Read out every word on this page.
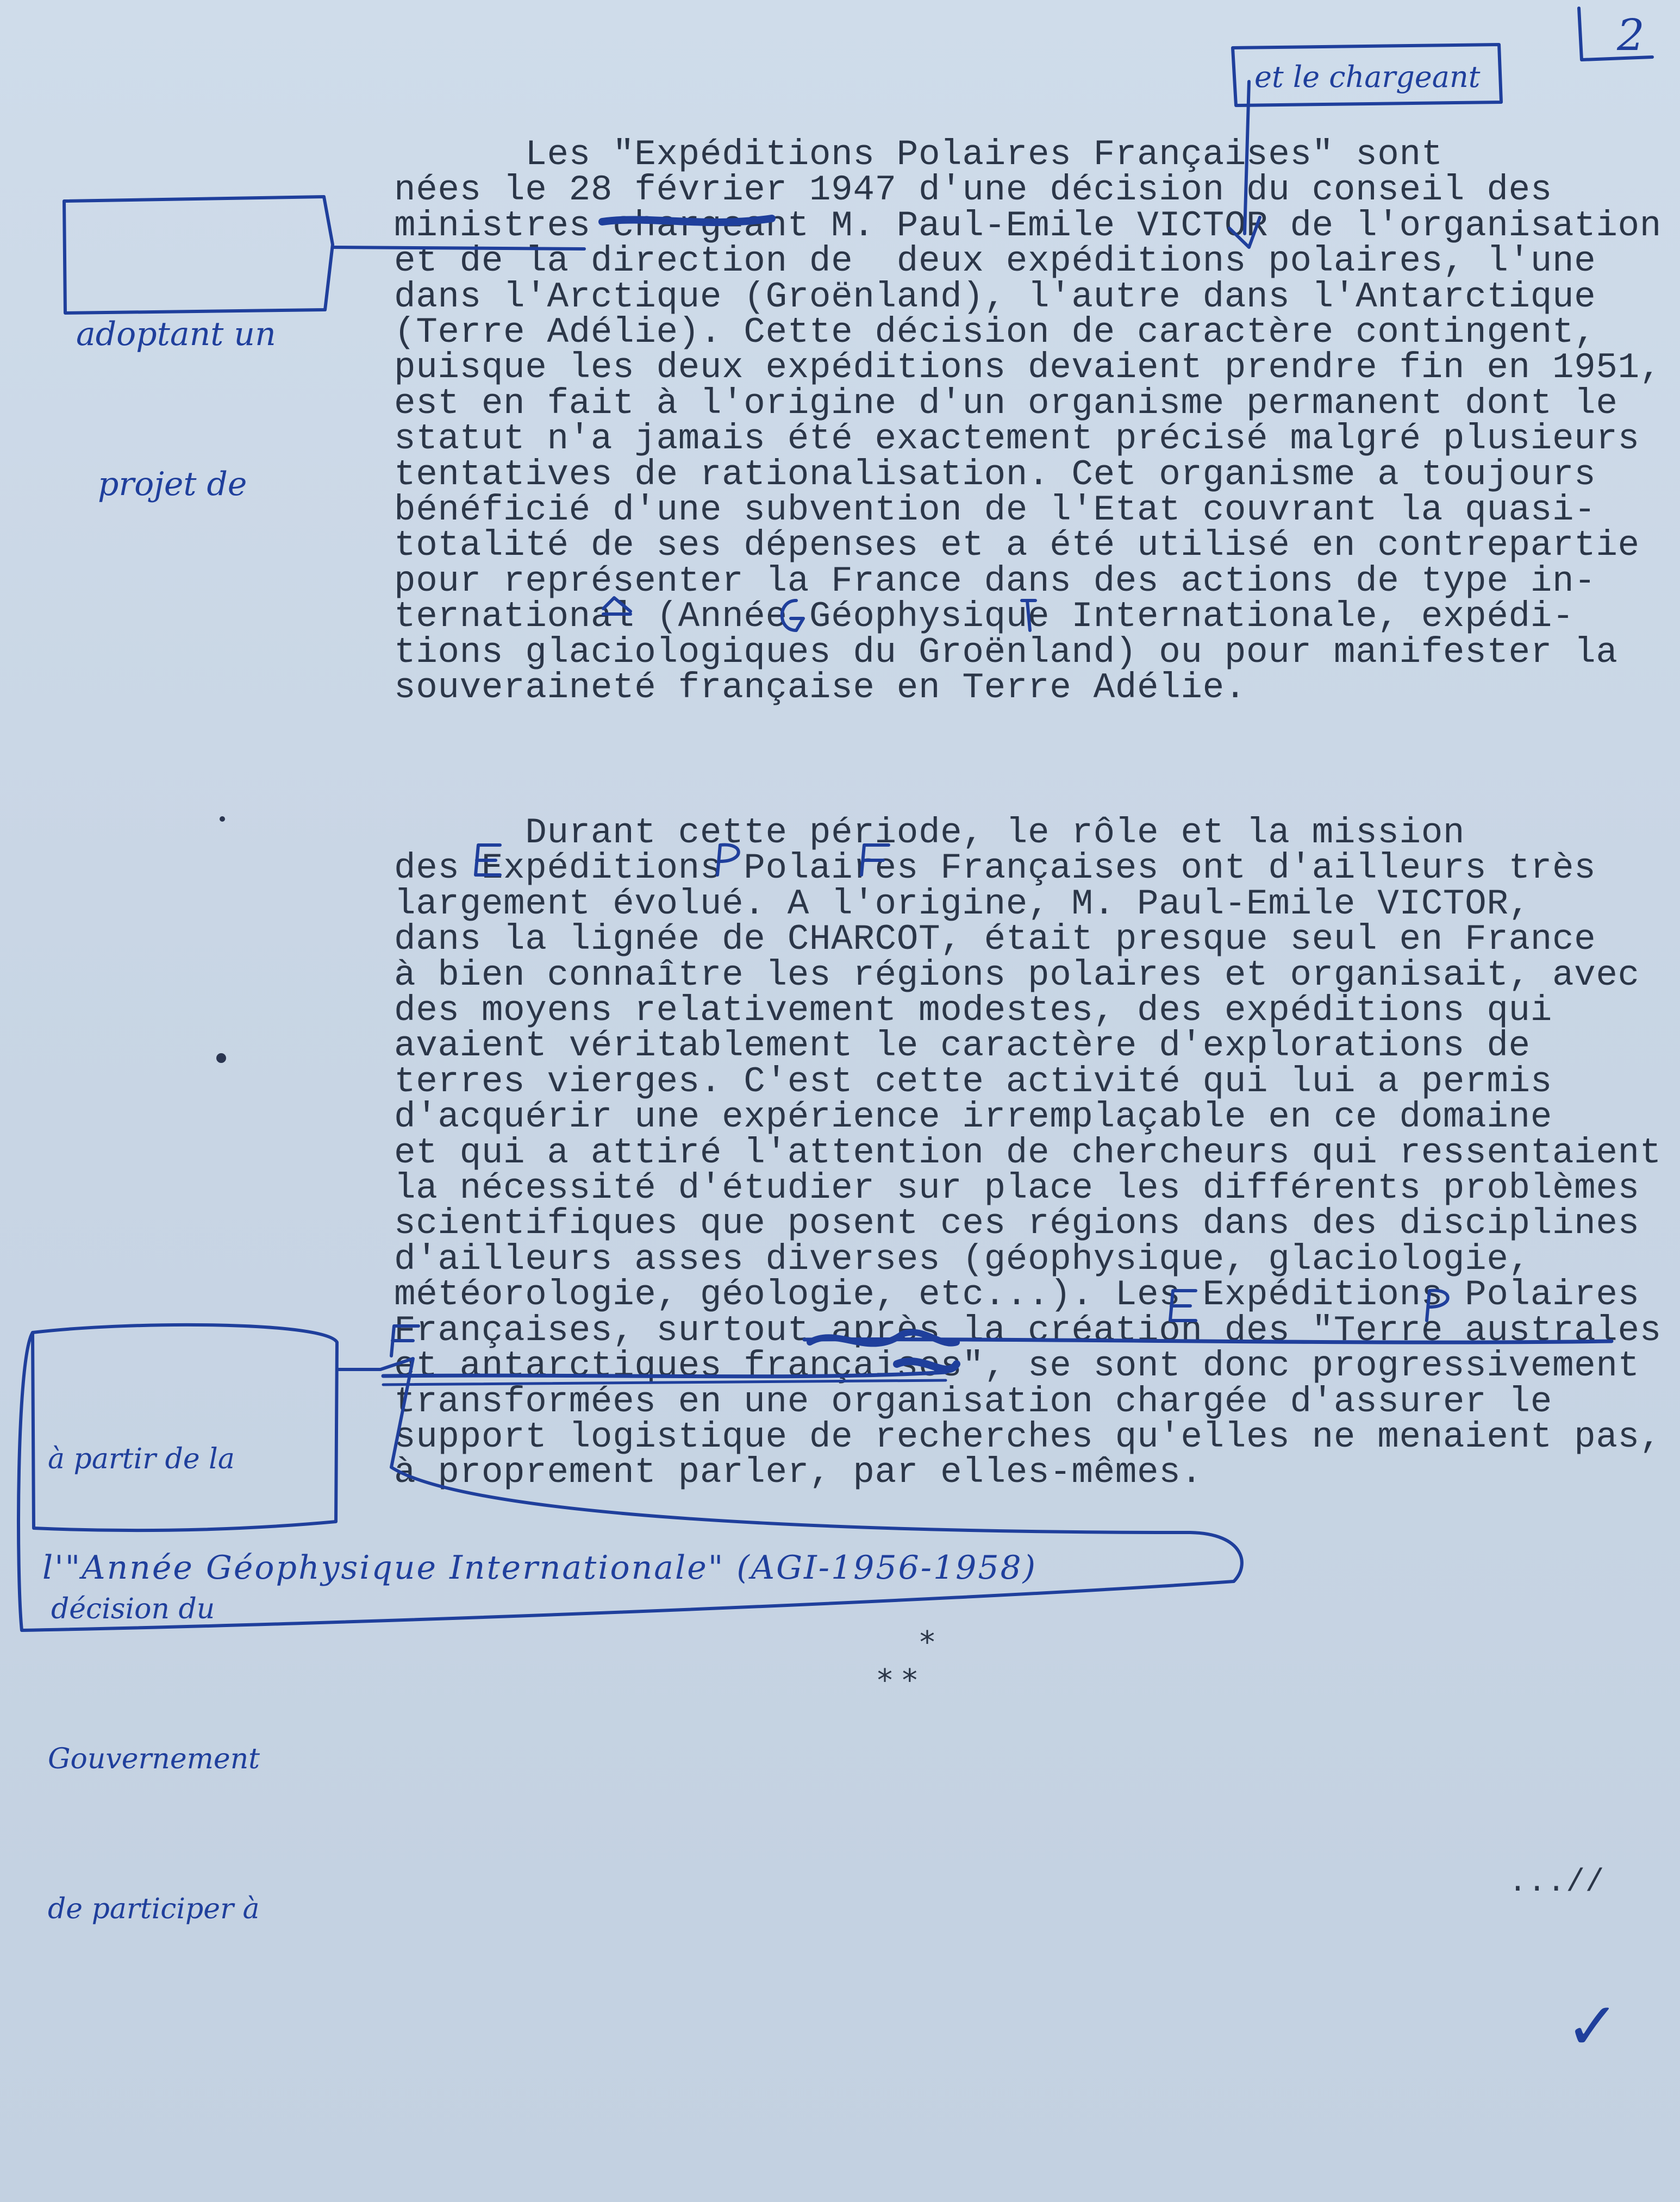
2
Les "Expéditions Polaires Françaises" sont
nées le 28 février 1947 d'une décision du conseil des
ministres chargeant M. Paul-Emile VICTOR de l'organisation
et de la direction de  deux expéditions polaires, l'une
dans l'Arctique (Groënland), l'autre dans l'Antarctique
(Terre Adélie). Cette décision de caractère contingent,
puisque les deux expéditions devaient prendre fin en 1951,
est en fait à l'origine d'un organisme permanent dont le
statut n'a jamais été exactement précisé malgré plusieurs
tentatives de rationalisation. Cet organisme a toujours
bénéficié d'une subvention de l'Etat couvrant la quasi-
totalité de ses dépenses et a été utilisé en contrepartie
pour représenter la France dans des actions de type in-
ternational (Année Géophysique Internationale, expédi-
tions glaciologiques du Groënland) ou pour manifester la
souveraineté française en Terre Adélie.
Durant cette période, le rôle et la mission
des Expéditions Polaires Françaises ont d'ailleurs très
largement évolué. A l'origine, M. Paul-Emile VICTOR,
dans la lignée de CHARCOT, était presque seul en France
à bien connaître les régions polaires et organisait, avec
des moyens relativement modestes, des expéditions qui
avaient véritablement le caractère d'explorations de
terres vierges. C'est cette activité qui lui a permis
d'acquérir une expérience irremplaçable en ce domaine
et qui a attiré l'attention de chercheurs qui ressentaient
la nécessité d'étudier sur place les différents problèmes
scientifiques que posent ces régions dans des disciplines
d'ailleurs asses diverses (géophysique, glaciologie,
météorologie, géologie, etc...). Les Expéditions Polaires
Françaises, surtout après la création des "Terre australes
et antarctiques françaises", se sont donc progressivement
transformées en une organisation chargée d'assurer le
support logistique de recherches qu'elles ne menaient pas,
à proprement parler, par elles-mêmes.
*
* *
...//
et le chargeant

adoptant un

projet de

à partir de la

décision du

Gouvernement

de participer à

l'"Année Géophysique Internationale" (AGI-1956-1958)
✓
